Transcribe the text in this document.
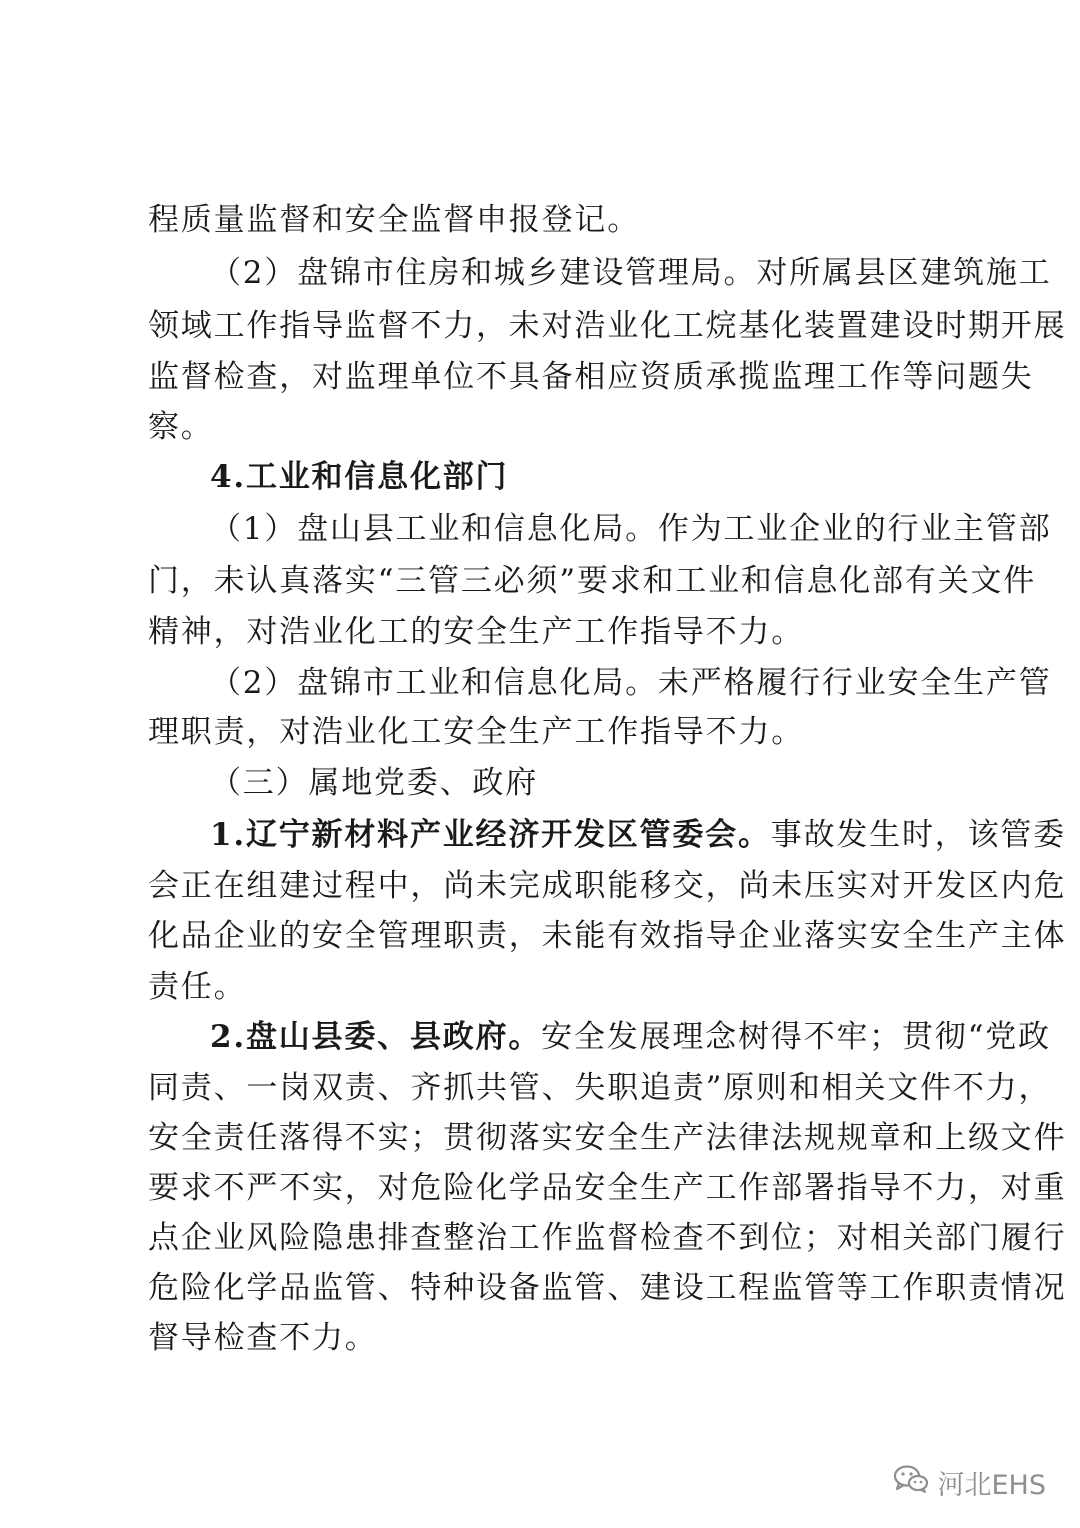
程质量监督和安全监督申报登记。
（2）盘锦市住房和城乡建设管理局。对所属县区建筑施工
领域工作指导监督不力，未对浩业化工烷基化装置建设时期开展
监督检查，对监理单位不具备相应资质承揽监理工作等问题失
察。
4.工业和信息化部门
（1）盘山县工业和信息化局。作为工业企业的行业主管部
门，未认真落实“三管三必须”要求和工业和信息化部有关文件
精神，对浩业化工的安全生产工作指导不力。
（2）盘锦市工业和信息化局。未严格履行行业安全生产管
理职责，对浩业化工安全生产工作指导不力。
（三）属地党委、政府
1.辽宁新材料产业经济开发区管委会。事故发生时，该管委
会正在组建过程中，尚未完成职能移交，尚未压实对开发区内危
化品企业的安全管理职责，未能有效指导企业落实安全生产主体
责任。
2.盘山县委、县政府。安全发展理念树得不牢；贯彻“党政
同责、一岗双责、齐抓共管、失职追责”原则和相关文件不力，
安全责任落得不实；贯彻落实安全生产法律法规规章和上级文件
要求不严不实，对危险化学品安全生产工作部署指导不力，对重
点企业风险隐患排查整治工作监督检查不到位；对相关部门履行
危险化学品监管、特种设备监管、建设工程监管等工作职责情况
督导检查不力。
河北EHS
